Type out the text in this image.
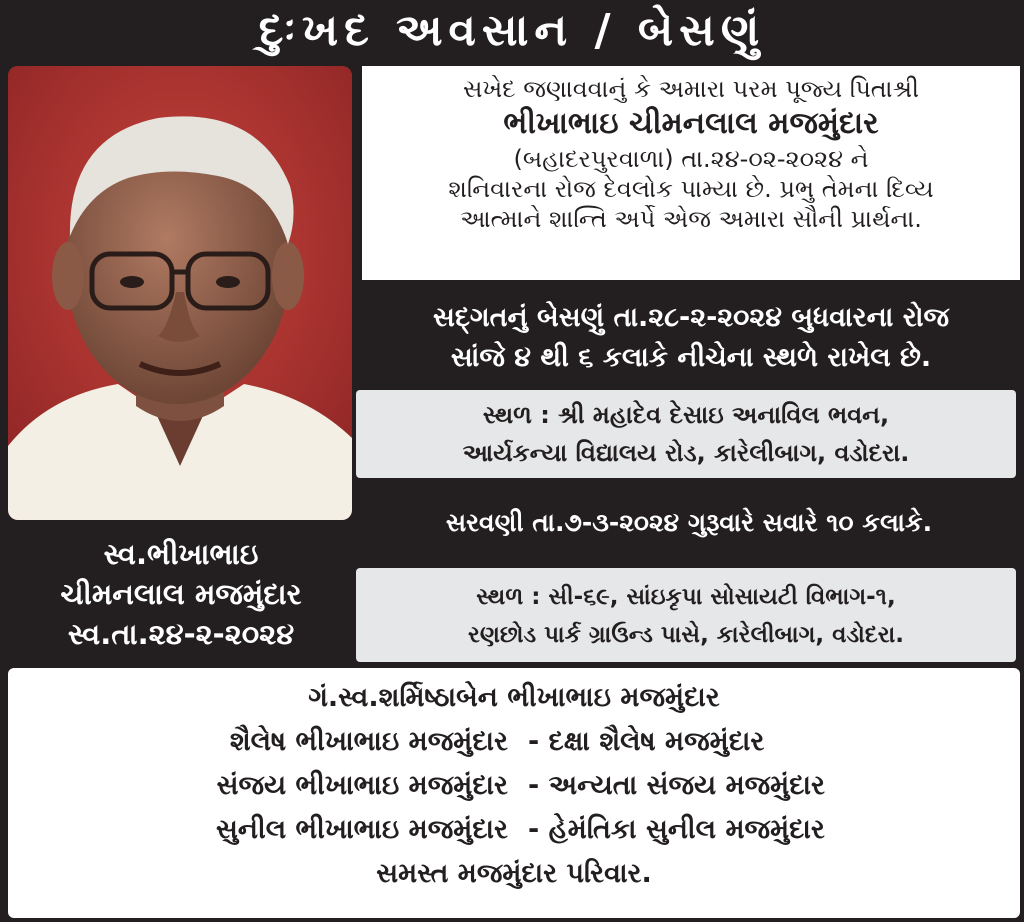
દુઃખદ અવસાન / બેસણું
સ્વ.ભીખાભાઇ
ચીમનલાલ મજમુંદાર
સ્વ.તા.૨૪-૨-૨૦૨૪
સખેદ જણાવવાનું કે અમારા પરમ પૂજ્ય પિતાશ્રી
ભીખાભાઇ ચીમનલાલ મજમુંદાર
(બહાદરપુરવાળા) તા.૨૪-૦૨-૨૦૨૪ ને
શનિવારના રોજ દેવલોક પામ્યા છે. પ્રભુ તેમના દિવ્ય
આત્માને શાન્તિ અર્પે એજ અમારા સૌની પ્રાર્થના.
સદ્‌ગતનું બેસણું તા.૨૮-૨-૨૦૨૪ બુધવારના રોજ
સાંજે ૪ થી ૬ કલાકે નીચેના સ્થળે રાખેલ છે.
સ્થળ : શ્રી મહાદેવ દેસાઇ અનાવિલ ભવન,
આર્યકન્યા વિદ્યાલય રોડ, કારેલીબાગ, વડોદરા.
સરવણી તા.૭-૩-૨૦૨૪ ગુરૂવારે સવારે ૧૦ કલાકે.
સ્થળ : સી-૬૯, સાંઇકૃપા સોસાયટી વિભાગ-૧,
રણછોડ પાર્ક ગ્રાઉન્ડ પાસે, કારેલીબાગ, વડોદરા.
ગં.સ્વ.શર્મિષ્ઠાબેન ભીખાભાઇ મજમુંદાર
શૈલેષ ભીખાભાઇ મજમુંદાર - દક્ષા શૈલેષ મજમુંદાર
સંજય ભીખાભાઇ મજમુંદાર - અન્યતા સંજય મજમુંદાર
સુનીલ ભીખાભાઇ મજમુંદાર - હેમંતિકા સુનીલ મજમુંદાર
સમસ્ત મજમુંદાર પરિવાર.
